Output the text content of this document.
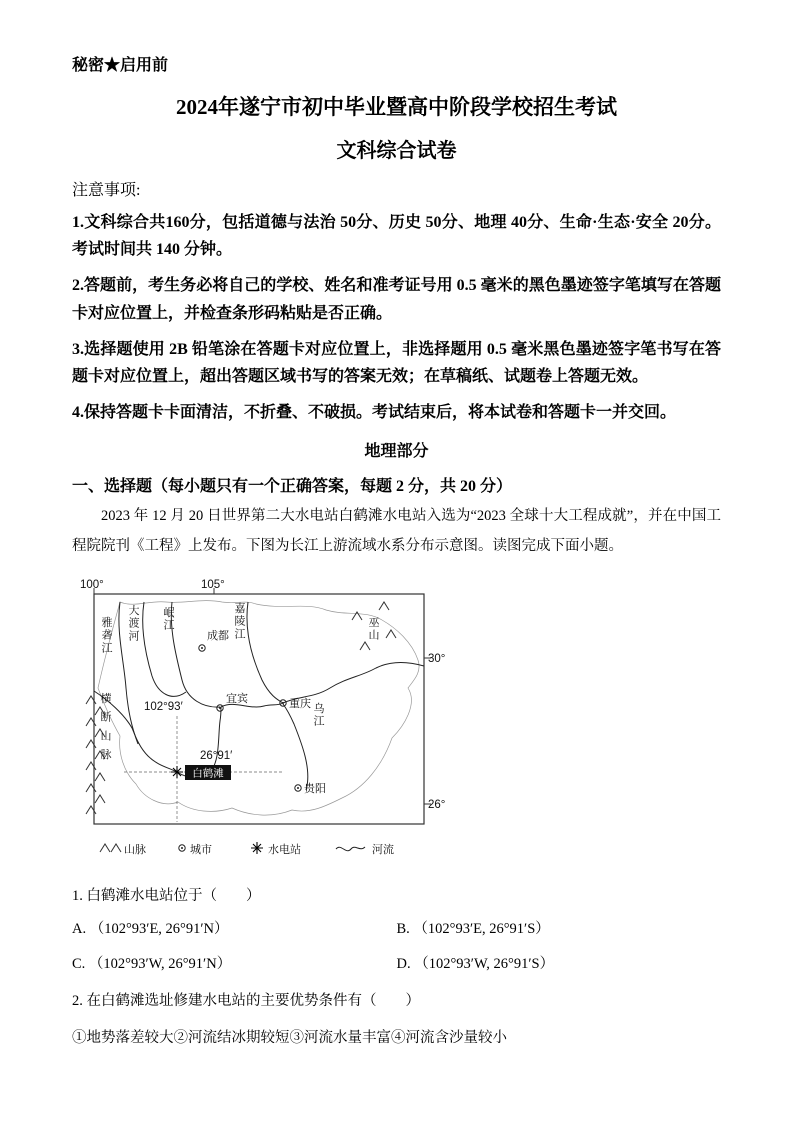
秘密★启用前
2024年遂宁市初中毕业暨高中阶段学校招生考试
文科综合试卷
注意事项:

1.文科综合共160分，包括道德与法治 50分、历史 50分、地理 40分、生命·生态·安全 20分。考试时间共 140 分钟。

2.答题前，考生务必将自己的学校、姓名和准考证号用 0.5 毫米的黑色墨迹签字笔填写在答题卡对应位置上，并检查条形码粘贴是否正确。

3.选择题使用 2B 铅笔涂在答题卡对应位置上，非选择题用 0.5 毫米黑色墨迹签字笔书写在答题卡对应位置上，超出答题区域书写的答案无效；在草稿纸、试题卷上答题无效。

4.保持答题卡卡面清洁，不折叠、不破损。考试结束后，将本试卷和答题卡一并交回。

地理部分
一、选择题（每小题只有一个正确答案，每题 2 分，共 20 分）

2023 年 12 月 20 日世界第二大水电站白鹤滩水电站入选为“2023 全球十大工程成就”，并在中国工程院院刊《工程》上发布。下图为长江上游流域水系分布示意图。读图完成下面小题。

100°	105°
30°
26°
雅砻江
大渡河
岷江
嘉陵江
乌江
巫山
横断山脉
成都
宜宾	重庆
贵阳
102°93′
26°91′
白鹤滩
山脉	城市	水电站	河流
1. 白鹤滩水电站位于（　　）
A. （102°93′E, 26°91′N）	B. （102°93′E, 26°91′S）
C. （102°93′W, 26°91′N）	D. （102°93′W, 26°91′S）
2. 在白鹤滩选址修建水电站的主要优势条件有（　　）
①地势落差较大②河流结冰期较短③河流水量丰富④河流含沙量较小
